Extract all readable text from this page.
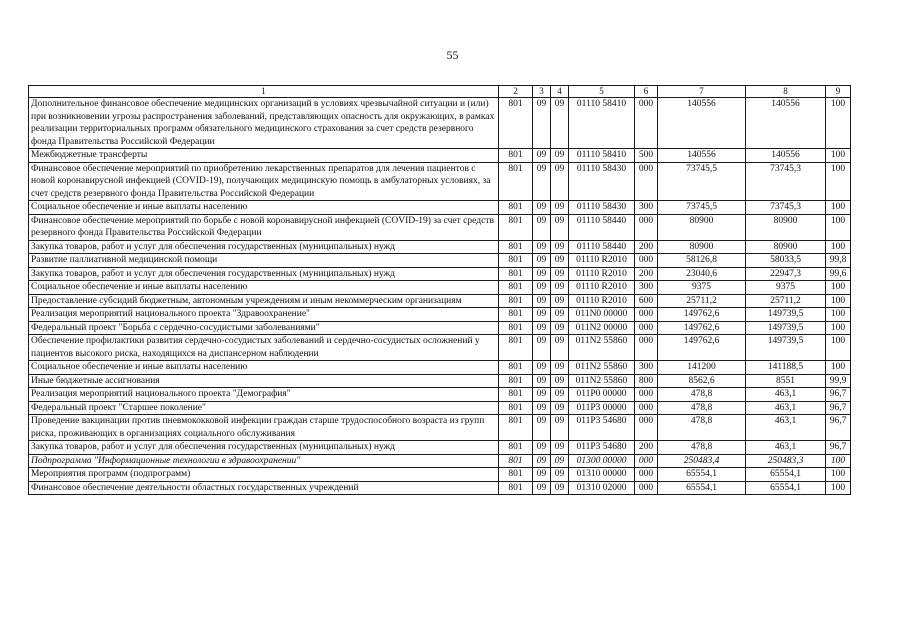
55
1	2	3	4	5	6	7	8	9
Дополнительное финансовое обеспечение медицинских организаций в условиях чрезвычайной ситуации и (или) при возникновении угрозы распространения заболеваний, представляющих опасность для окружающих, в рамках реализации территориальных программ обязательного медицинского страхования за счет средств резервного фонда Правительства Российской Федерации	801	09	09	01110 58410	000	140556	140556	100
Межбюджетные трансферты	801	09	09	01110 58410	500	140556	140556	100
Финансовое обеспечение мероприятий по приобретению лекарственных препаратов для лечения пациентов с новой коронавирусной инфекцией (COVID-19), получающих медицинскую помощь в амбулаторных условиях, за счет средств резервного фонда Правительства Российской Федерации	801	09	09	01110 58430	000	73745,5	73745,3	100
Социальное обеспечение и иные выплаты населению	801	09	09	01110 58430	300	73745,5	73745,3	100
Финансовое обеспечение мероприятий по борьбе с новой коронавирусной инфекцией (COVID-19) за счет средств резервного фонда Правительства Российской Федерации	801	09	09	01110 58440	000	80900	80900	100
Закупка товаров, работ и услуг для обеспечения государственных (муниципальных) нужд	801	09	09	01110 58440	200	80900	80900	100
Развитие паллиативной медицинской помощи	801	09	09	01110 R2010	000	58126,8	58033,5	99,8
Закупка товаров, работ и услуг для обеспечения государственных (муниципальных) нужд	801	09	09	01110 R2010	200	23040,6	22947,3	99,6
Социальное обеспечение и иные выплаты населению	801	09	09	01110 R2010	300	9375	9375	100
Предоставление субсидий бюджетным, автономным учреждениям и иным некоммерческим организациям	801	09	09	01110 R2010	600	25711,2	25711,2	100
Реализация мероприятий национального проекта "Здравоохранение"	801	09	09	011N0 00000	000	149762,6	149739,5	100
Федеральный проект "Борьба с сердечно-сосудистыми заболеваниями"	801	09	09	011N2 00000	000	149762,6	149739,5	100
Обеспечение профилактики развития сердечно-сосудистых заболеваний и сердечно-сосудистых осложнений у пациентов высокого риска, находящихся на диспансерном наблюдении	801	09	09	011N2 55860	000	149762,6	149739,5	100
Социальное обеспечение и иные выплаты населению	801	09	09	011N2 55860	300	141200	141188,5	100
Иные бюджетные ассигнования	801	09	09	011N2 55860	800	8562,6	8551	99,9
Реализация мероприятий национального проекта "Демография"	801	09	09	011P0 00000	000	478,8	463,1	96,7
Федеральный проект "Старшее поколение"	801	09	09	011P3 00000	000	478,8	463,1	96,7
Проведение вакцинации против пневмококковой инфекции граждан старше трудоспособного возраста из групп риска, проживающих в организациях социального обслуживания	801	09	09	011P3 54680	000	478,8	463,1	96,7
Закупка товаров, работ и услуг для обеспечения государственных (муниципальных) нужд	801	09	09	011P3 54680	200	478,8	463,1	96,7
Подпрограмма "Информационные технологии в здравоохранении"	801	09	09	01300 00000	000	250483,4	250483,3	100
Мероприятия программ (подпрограмм)	801	09	09	01310 00000	000	65554,1	65554,1	100
Финансовое обеспечение деятельности областных государственных учреждений	801	09	09	01310 02000	000	65554,1	65554,1	100
